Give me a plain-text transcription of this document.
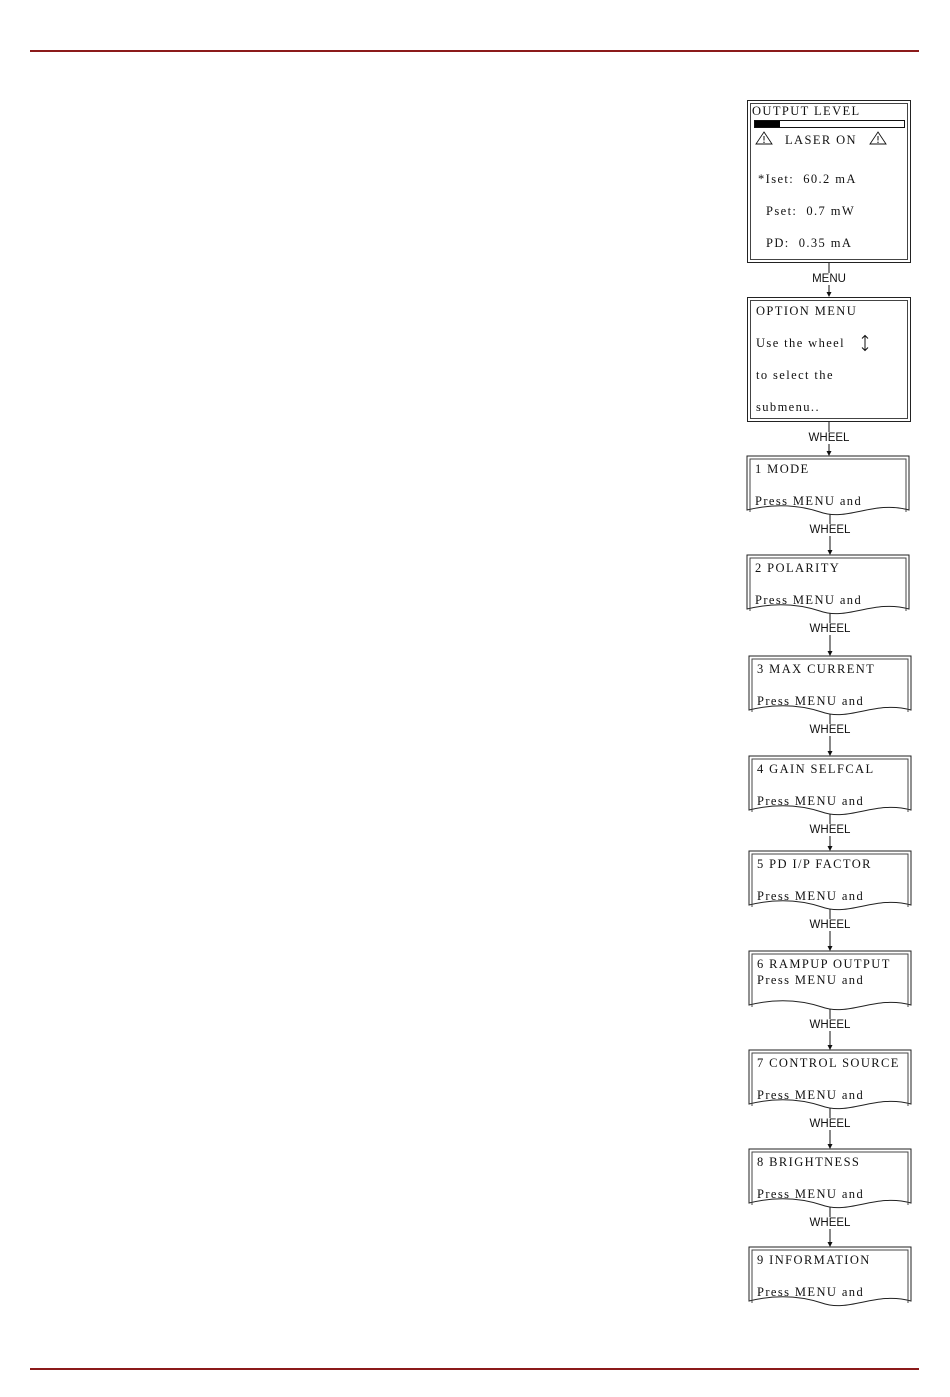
OUTPUT LEVEL
LASER ON
*Iset:  60.2 mA
Pset:  0.7 mW
PD:  0.35 mA
OPTION MENU
Use the wheel
to select the
submenu..
MENU
1 MODE
Press MENU and
2 POLARITY
Press MENU and
3 MAX CURRENT
Press MENU and
4 GAIN SELFCAL
Press MENU and
5 PD I/P FACTOR
Press MENU and
6 RAMPUP OUTPUT
Press MENU and
7 CONTROL SOURCE
Press MENU and
8 BRIGHTNESS
Press MENU and
9 INFORMATION
Press MENU and
WHEEL
WHEEL
WHEEL
WHEEL
WHEEL
WHEEL
WHEEL
WHEEL
WHEEL
